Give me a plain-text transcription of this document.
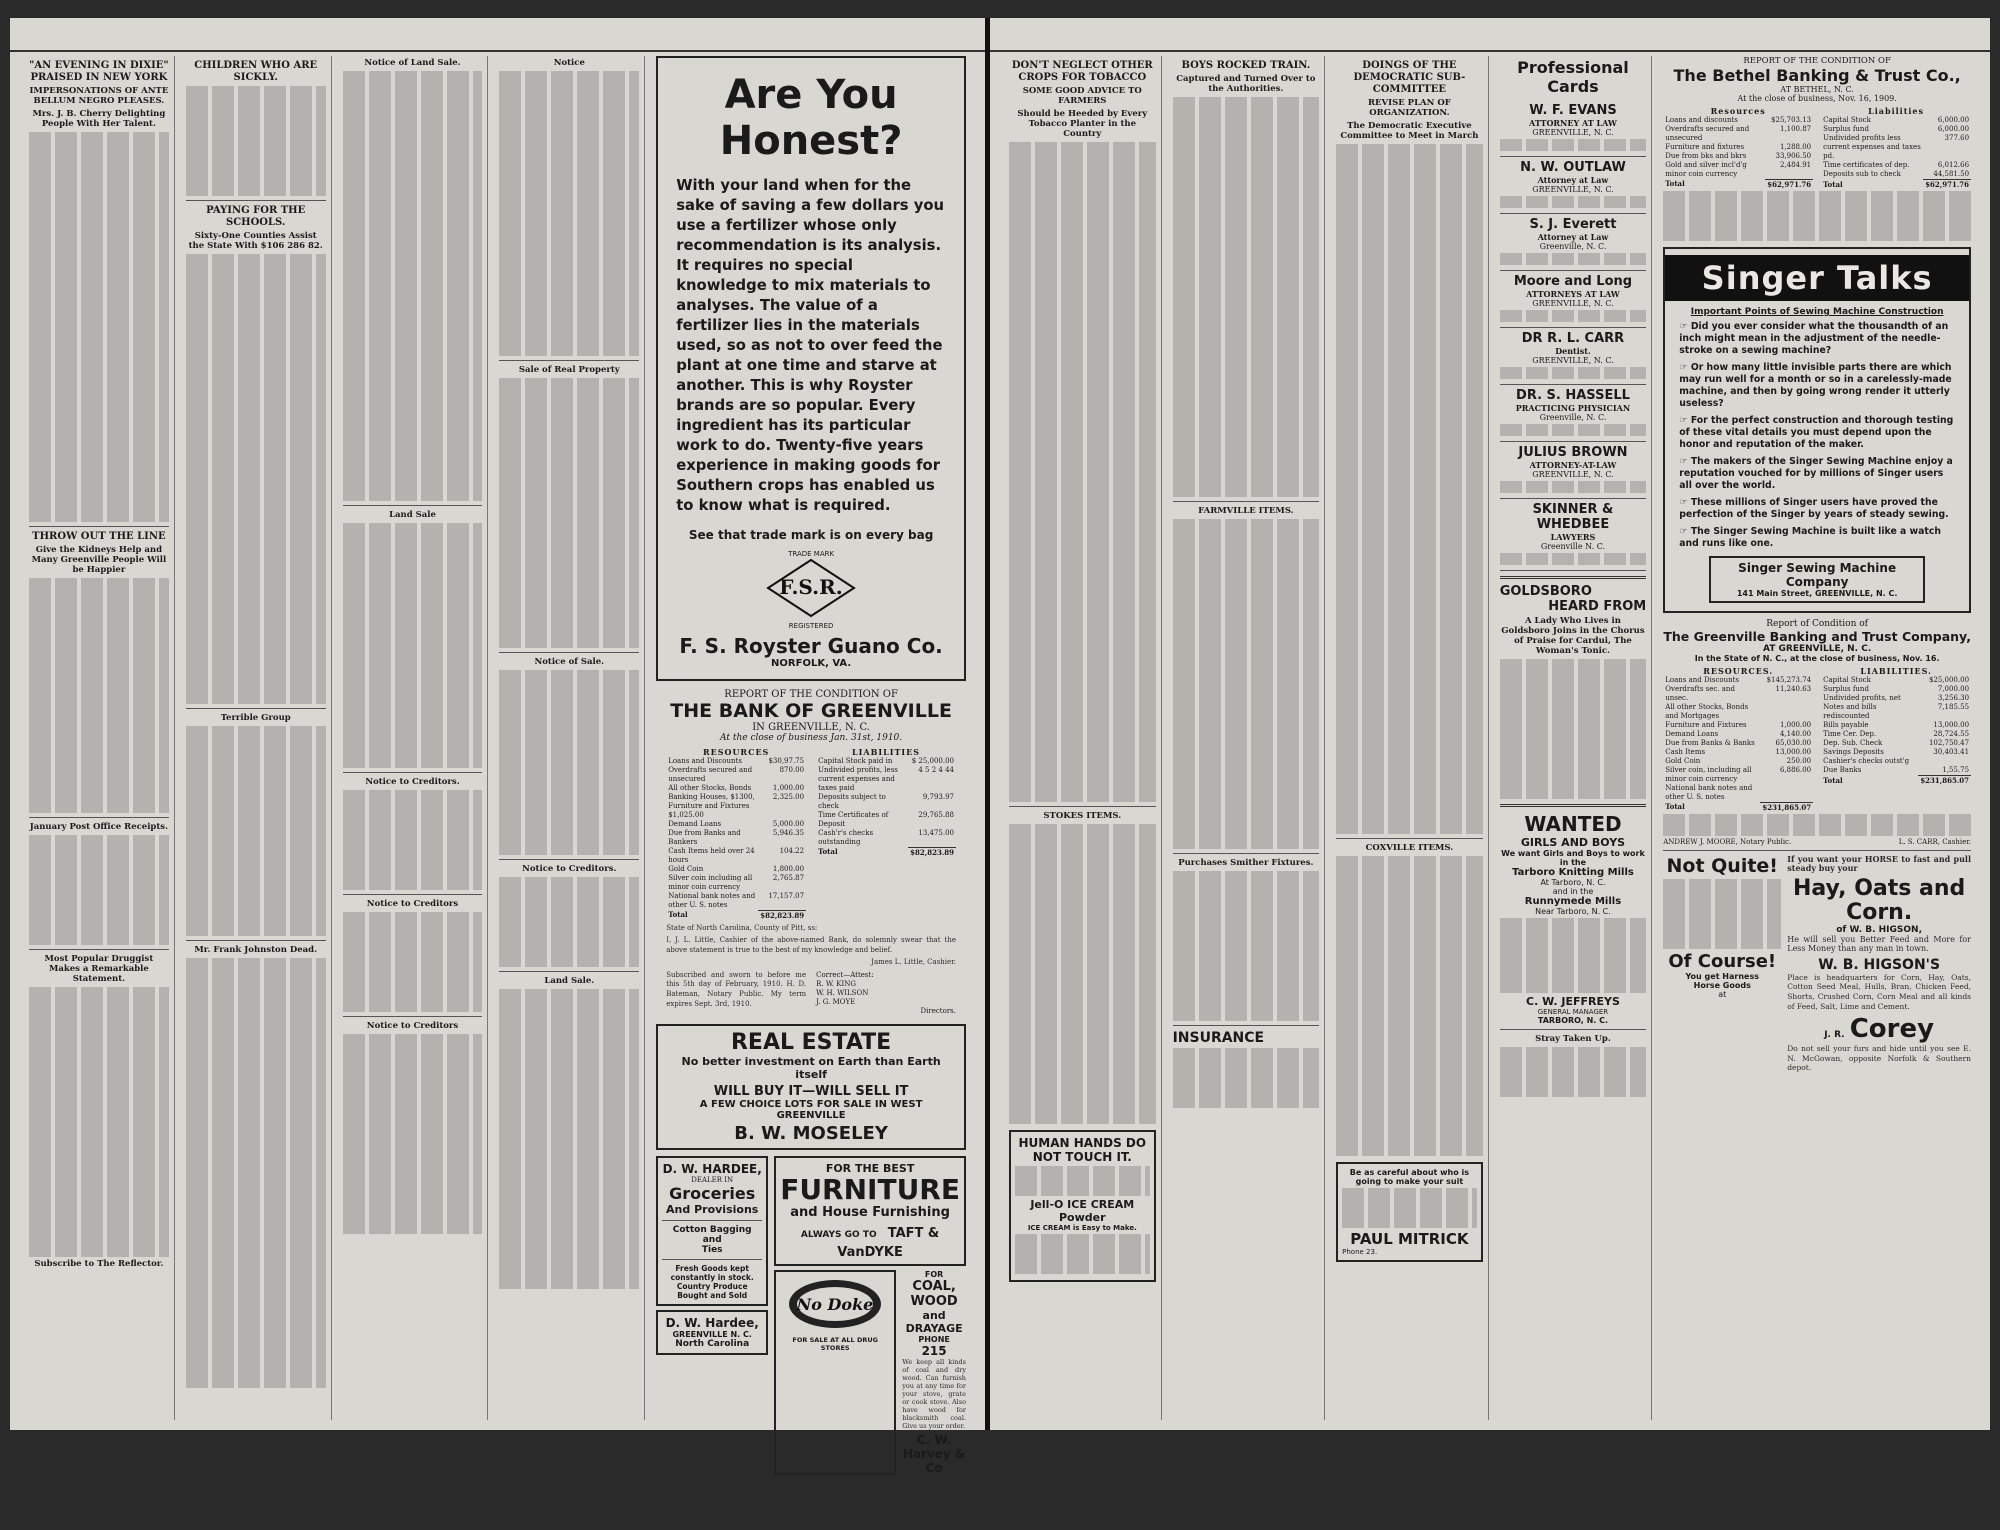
"AN EVENING IN DIXIE" PRAISED IN NEW YORK
IMPERSONATIONS OF ANTE BELLUM NEGRO PLEASES.
Mrs. J. B. Cherry Delighting People With Her Talent.
THROW OUT THE LINE
Give the Kidneys Help and Many Greenville People Will be Happier
January Post Office Receipts.
Most Popular Druggist Makes a Remarkable Statement.
Subscribe to The Reflector.
CHILDREN WHO ARE SICKLY.
PAYING FOR THE SCHOOLS.
Sixty-One Counties Assist the State With $106 286 82.
Terrible Group
Mr. Frank Johnston Dead.
Notice of Land Sale.
Land Sale
Notice to Creditors.
Notice to Creditors
Notice to Creditors
Notice
Sale of Real Property
Notice of Sale.
Notice to Creditors.
Land Sale.
Are You Honest?
With your land when for the sake of saving a few dollars you use a fertilizer whose only recommendation is its analysis. It requires no special knowledge to mix materials to analyses. The value of a fertilizer lies in the materials used, so as not to over feed the plant at one time and starve at another. This is why Royster brands are so popular. Every ingredient has its particular work to do. Twenty-five years experience in making goods for Southern crops has enabled us to know what is required.
See that trade mark is on every bag
TRADE MARK
F.S.R.
REGISTERED
F. S. Royster Guano Co.
NORFOLK, VA.
REPORT OF THE CONDITION OF
THE BANK OF GREENVILLE
IN GREENVILLE, N. C.
At the close of business Jan. 31st, 1910.
RESOURCES
Loans and Discounts	$30,97.75
Overdrafts secured and unsecured	870.00
All other Stocks, Bonds	1,000.00
Banking Houses, $1300, Furniture and Fixtures $1,025.00	2,325.00
Demand Loans	5,000.00
Due from Banks and Bankers	5,946.35
Cash Items held over 24 hours	104.22
Gold Coin	1,800.00
Silver coin including all minor coin currency	2,765.87
National bank notes and other U. S. notes	17,157.07
Total	$82,823.89
LIABILITIES
Capital Stock paid in	$ 25,000.00
Undivided profits, less current expenses and taxes paid	4 5 2 4 44
Deposits subject to check	9,793.97
Time Certificates of Deposit	29,765.88
Cash'r's checks outstanding	13,475.00
Total	$82,823.89
State of North Carolina, County of Pitt, ss:
I, J. L. Little, Cashier of the above-named Bank, do solemnly swear that the above statement is true to the best of my knowledge and belief.
James L. Little, Cashier.
Subscribed and sworn to before me this 5th day of February, 1910. H. D. Bateman, Notary Public. My term expires Sept. 3rd, 1910.
Correct—Attest:
R. W. KING
W. H. WILSON
J. G. MOYE
Directors.
REAL ESTATE
No better investment on Earth than Earth itself
WILL BUY IT—WILL SELL IT
A FEW CHOICE LOTS FOR SALE IN WEST GREENVILLE
B. W. MOSELEY
D. W. HARDEE,
DEALER IN
Groceries
And Provisions
Cotton Bagging and
Ties
Fresh Goods kept constantly in stock. Country Produce Bought and Sold
D. W. Hardee,
GREENVILLE N. C.
North Carolina
FOR THE BEST
FURNITURE
and House Furnishing
ALWAYS GO TO TAFT & VanDYKE
No Doke
FOR SALE AT ALL DRUG STORES
FOR
COAL, WOOD
and DRAYAGE
PHONE
215
We keep all kinds of coal and dry wood. Can furnish you at any time for your stove, grate or cook stove. Also have wood for blacksmith coal. Give us your order.
C. W. Harvey & Co
While it is often impossible to prevent an accident, it is never impossible to be prepared—it is not beyond any one's purse. Invest 25 cents in a bottle of Chamberlain's Liniment and you are prepared for sprains, bruises and like injuries. Sold by all dealers.
DON'T NEGLECT OTHER CROPS FOR TOBACCO
SOME GOOD ADVICE TO FARMERS
Should be Heeded by Every Tobacco Planter in the Country
STOKES ITEMS.
HUMAN HANDS DO NOT TOUCH IT.
Jell-O ICE CREAM Powder
ICE CREAM is Easy to Make.
BOYS ROCKED TRAIN.
Captured and Turned Over to the Authorities.
FARMVILLE ITEMS.
Purchases Smither Fixtures.
INSURANCE
DOINGS OF THE DEMOCRATIC SUB-COMMITTEE
REVISE PLAN OF ORGANIZATION.
The Democratic Executive Committee to Meet in March
COXVILLE ITEMS.
Be as careful about who is going to make your suit
PAUL MITRICK
Phone 23.
Professional Cards
W. F. EVANS
ATTORNEY AT LAW
GREENVILLE, N. C.
N. W. OUTLAW
Attorney at Law
GREENVILLE, N. C.
S. J. Everett
Attorney at Law
Greenville, N. C.
Moore and Long
ATTORNEYS AT LAW
GREENVILLE, N. C.
DR R. L. CARR
Dentist.
GREENVILLE, N. C.
DR. S. HASSELL
PRACTICING PHYSICIAN
Greenville, N. C.
JULIUS BROWN
ATTORNEY-AT-LAW
GREENVILLE, N. C.
SKINNER & WHEDBEE
LAWYERS
Greenville N. C.
GOLDSBORO
HEARD FROM
A Lady Who Lives in Goldsboro Joins in the Chorus of Praise for Cardui, The Woman's Tonic.
WANTED
GIRLS AND BOYS
We want Girls and Boys to work in the
Tarboro Knitting Mills
At Tarboro, N. C.
and in the
Runnymede Mills
Near Tarboro, N. C.
C. W. JEFFREYS
GENERAL MANAGER
TARBORO, N. C.
Stray Taken Up.
REPORT OF THE CONDITION OF
The Bethel Banking & Trust Co.,
AT BETHEL, N. C.
At the close of business, Nov. 16, 1909.
Resources
Loans and discounts	$25,703.13
Overdrafts secured and unsecured	1,100.87
Furniture and fixtures	1,288.00
Due from bks and bkrs	33,906.50
Gold and silver incl'd'g minor coin currency	2,484.91
Total	$62,971.76
Liabilities
Capital Stock	6,000.00
Surplus fund	6,000.00
Undivided profits less current expenses and taxes pd.	377.60
Time certificates of dep.	6,012.66
Deposits sub to check	44,581.50
Total	$62,971.76
Singer Talks
Important Points of Sewing Machine Construction
☞ Did you ever consider what the thousandth of an inch might mean in the adjustment of the needle-stroke on a sewing machine?
☞ Or how many little invisible parts there are which may run well for a month or so in a carelessly-made machine, and then by going wrong render it utterly useless?
☞ For the perfect construction and thorough testing of these vital details you must depend upon the honor and reputation of the maker.
☞ The makers of the Singer Sewing Machine enjoy a reputation vouched for by millions of Singer users all over the world.
☞ These millions of Singer users have proved the perfection of the Singer by years of steady sewing.
☞ The Singer Sewing Machine is built like a watch and runs like one.
Singer Sewing Machine Company
141 Main Street, GREENVILLE, N. C.
Report of Condition of
The Greenville Banking and Trust Company,
AT GREENVILLE, N. C.
In the State of N. C., at the close of business, Nov. 16.
RESOURCES.
Loans and Discounts	$145,273.74
Overdrafts sec. and unsec.	11,240.63
All other Stocks, Bonds and Mortgages	
Furniture and Fixtures	1,000.00
Demand Loans	4,140.00
Due from Banks & Banks	65,030.00
Cash Items	13,000.00
Gold Coin	250.00
Silver coin, including all minor coin currency	6,886.00
National bank notes and other U. S. notes	
Total	$231,865.07
LIABILITIES.
Capital Stock	$25,000.00
Surplus fund	7,000.00
Undivided profits, net	3,256.30
Notes and bills rediscounted	7,185.55
Bills payable	13,000.00
Time Cer. Dep.	28,724.55
Dep. Sub. Check	102,750.47
Savings Deposits	30,403.41
Cashier's checks outst'g	
Due Banks	1,55.75
Total	$231,865.07
ANDREW J. MOORE, Notary Public.	L. S. CARR, Cashier.
Not Quite!
Of Course!
You get Harness
Horse Goods
at
If you want your HORSE to fast and pull steady buy your
Hay, Oats and Corn.
of W. B. HIGSON,
He will sell you Better Feed and More for Less Money than any man in town.
W. B. HIGSON'S
Place is headquarters for Corn, Hay, Oats, Cotton Seed Meal, Hulls, Bran, Chicken Feed, Shorts, Crushed Corn, Corn Meal and all kinds of Feed, Salt, Lime and Cement.
J. R. Corey
Do not sell your furs and hide until you see E. N. McGowan, opposite Norfolk & Southern depot.
